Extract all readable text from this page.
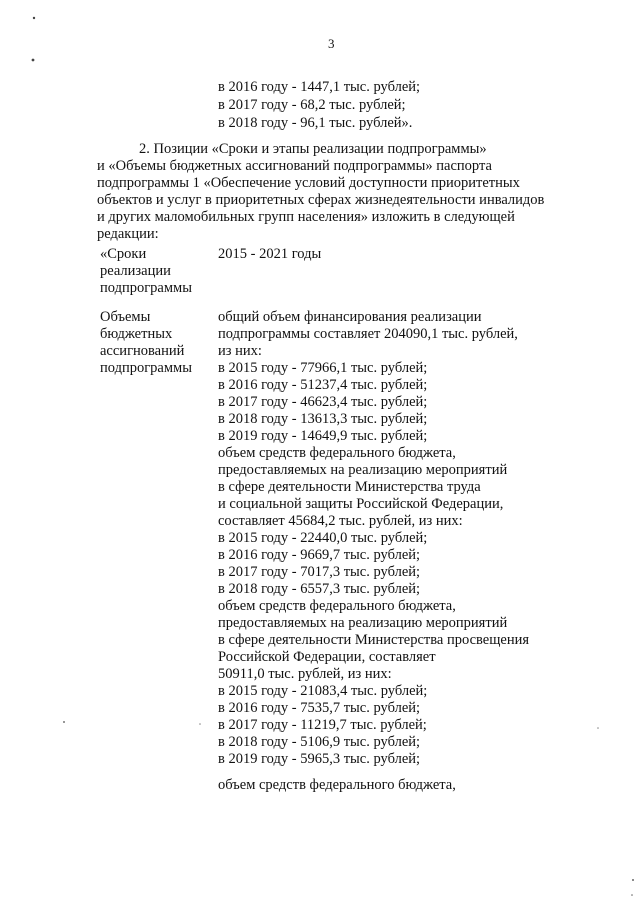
3
в 2016 году - 1447,1 тыс. рублей;
в 2017 году - 68,2 тыс. рублей;
в 2018 году - 96,1 тыс. рублей».
2. Позиции «Сроки и этапы реализации подпрограммы»
и «Объемы бюджетных ассигнований подпрограммы» паспорта
подпрограммы 1 «Обеспечение условий доступности приоритетных
объектов и услуг в приоритетных сферах жизнедеятельности инвалидов
и других маломобильных групп населения» изложить в следующей
редакции:
«Сроки
реализации
подпрограммы
2015 - 2021 годы
Объемы
бюджетных
ассигнований
подпрограммы
общий объем финансирования реализации
подпрограммы составляет 204090,1 тыс. рублей,
из них:
в 2015 году - 77966,1 тыс. рублей;
в 2016 году - 51237,4 тыс. рублей;
в 2017 году - 46623,4 тыс. рублей;
в 2018 году - 13613,3 тыс. рублей;
в 2019 году - 14649,9 тыс. рублей;
объем средств федерального бюджета,
предоставляемых на реализацию мероприятий
в сфере деятельности Министерства труда
и социальной защиты Российской Федерации,
составляет 45684,2 тыс. рублей, из них:
в 2015 году - 22440,0 тыс. рублей;
в 2016 году - 9669,7 тыс. рублей;
в 2017 году - 7017,3 тыс. рублей;
в 2018 году - 6557,3 тыс. рублей;
объем средств федерального бюджета,
предоставляемых на реализацию мероприятий
в сфере деятельности Министерства просвещения
Российской Федерации, составляет
50911,0 тыс. рублей, из них:
в 2015 году - 21083,4 тыс. рублей;
в 2016 году - 7535,7 тыс. рублей;
в 2017 году - 11219,7 тыс. рублей;
в 2018 году - 5106,9 тыс. рублей;
в 2019 году - 5965,3 тыс. рублей;
объем средств федерального бюджета,
